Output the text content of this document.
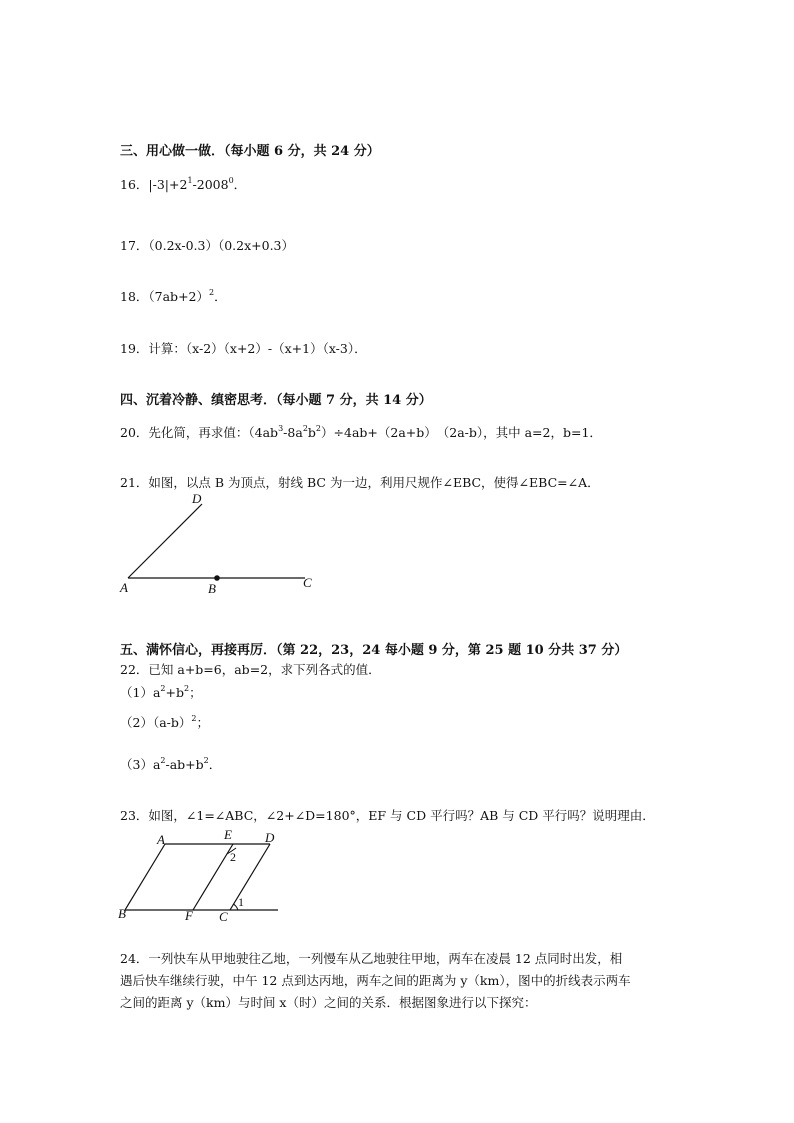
三、用心做一做．（每小题 6 分，共 24 分）
16．$|-3|+2^1-2008^0$．
17．（0.2x-0.3）（0.2x+0.3）
18．$(7ab+2)^2$．
19．计算：（x-2）（x+2）-（x+1）（x-3）．
四、沉着冷静、缜密思考．（每小题 7 分，共 14 分）
20．先化简，再求值：$(4ab^3-8a^2b^2)\div 4ab+(2a+b)$　（2a-b），其中 a=2，b=1．
21．如图，以点 B 为顶点，射线 BC 为一边，利用尺规作∠EBC，使得∠EBC=∠A．
D
A	B	C
五、满怀信心，再接再厉．（第 22，23，24 每小题 9 分，第 25 题 10 分共 37 分）
22．已知 a+b=6，ab=2，求下列各式的值．
$(1)a^2+b^2$；
$(2)(a-b)^2$；
$(3)a^2-ab+b^2$．
23．如图，∠1=∠ABC，∠2+∠D=180°，EF 与 CD 平行吗？AB 与 CD 平行吗？说明理由．
A	E	D
B	F C
1
2
24．一列快车从甲地驶往乙地，一列慢车从乙地驶往甲地，两车在凌晨 12 点同时出发，相
遇后快车继续行驶，中午 12 点到达丙地，两车之间的距离为 y（km），图中的折线表示两车
之间的距离 y（km）与时间 x（时）之间的关系．根据图象进行以下探究：
